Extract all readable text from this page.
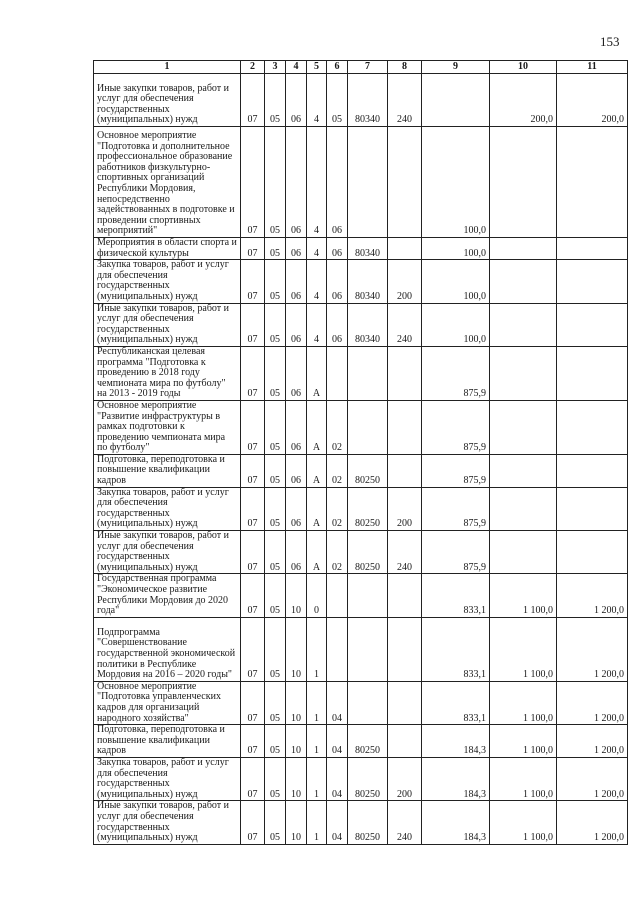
153
1	2	3	4	5	6	7	8	9	10	11
Иные закупки товаров, работ и услуг для обеспечения государственных (муниципальных) нужд	07	05	06	4	05	80340	240		200,0	200,0
Основное мероприятие "Подготовка и дополнительное профессиональное образование работников физкультурно-спортивных организаций Республики Мордовия, непосредственно задействованных в подготовке и проведении спортивных мероприятий"	07	05	06	4	06			100,0		
Мероприятия в области спорта и физической культуры	07	05	06	4	06	80340		100,0		
Закупка товаров, работ и услуг для обеспечения государственных (муниципальных) нужд	07	05	06	4	06	80340	200	100,0		
Иные закупки товаров, работ и услуг для обеспечения государственных (муниципальных) нужд	07	05	06	4	06	80340	240	100,0		
Республиканская целевая программа "Подготовка к проведению в 2018 году чемпионата мира по футболу" на 2013 - 2019 годы	07	05	06	А				875,9		
Основное мероприятие "Развитие инфраструктуры в рамках подготовки к проведению чемпионата мира по футболу"	07	05	06	А	02			875,9		
Подготовка, переподготовка и повышение квалификации кадров	07	05	06	А	02	80250		875,9		
Закупка товаров, работ и услуг для обеспечения государственных (муниципальных) нужд	07	05	06	А	02	80250	200	875,9		
Иные закупки товаров, работ и услуг для обеспечения государственных (муниципальных) нужд	07	05	06	А	02	80250	240	875,9		
Государственная программа "Экономическое развитие Республики Мордовия до 2020 года"	07	05	10	0				833,1	1 100,0	1 200,0
Подпрограмма "Совершенствование государственной экономической политики в Республике Мордовия на 2016 – 2020 годы"	07	05	10	1				833,1	1 100,0	1 200,0
Основное мероприятие "Подготовка управленческих кадров для организаций народного хозяйства"	07	05	10	1	04			833,1	1 100,0	1 200,0
Подготовка, переподготовка и повышение квалификации кадров	07	05	10	1	04	80250		184,3	1 100,0	1 200,0
Закупка товаров, работ и услуг для обеспечения государственных (муниципальных) нужд	07	05	10	1	04	80250	200	184,3	1 100,0	1 200,0
Иные закупки товаров, работ и услуг для обеспечения государственных (муниципальных) нужд	07	05	10	1	04	80250	240	184,3	1 100,0	1 200,0
